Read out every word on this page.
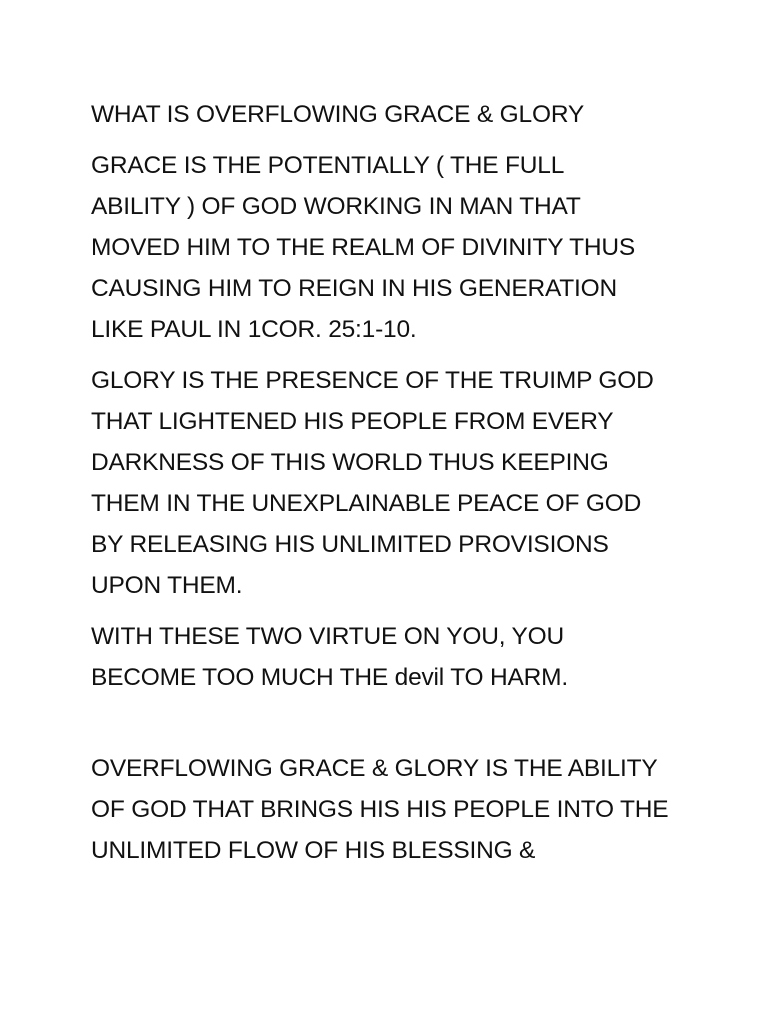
WHAT IS OVERFLOWING GRACE & GLORY
GRACE IS THE POTENTIALLY ( THE FULL
ABILITY ) OF GOD WORKING IN MAN THAT
MOVED HIM TO THE REALM OF DIVINITY THUS
CAUSING HIM TO REIGN IN HIS GENERATION
LIKE PAUL IN 1COR. 25:1-10.
GLORY IS THE PRESENCE OF THE TRUIMP GOD
THAT LIGHTENED HIS PEOPLE FROM EVERY
DARKNESS OF THIS WORLD THUS KEEPING
THEM IN THE UNEXPLAINABLE PEACE OF GOD
BY RELEASING HIS UNLIMITED PROVISIONS
UPON THEM.
WITH THESE TWO VIRTUE ON YOU, YOU
BECOME TOO MUCH THE devil TO HARM.
OVERFLOWING GRACE & GLORY IS THE ABILITY
OF GOD THAT BRINGS HIS HIS PEOPLE INTO THE
UNLIMITED FLOW OF HIS BLESSING &
